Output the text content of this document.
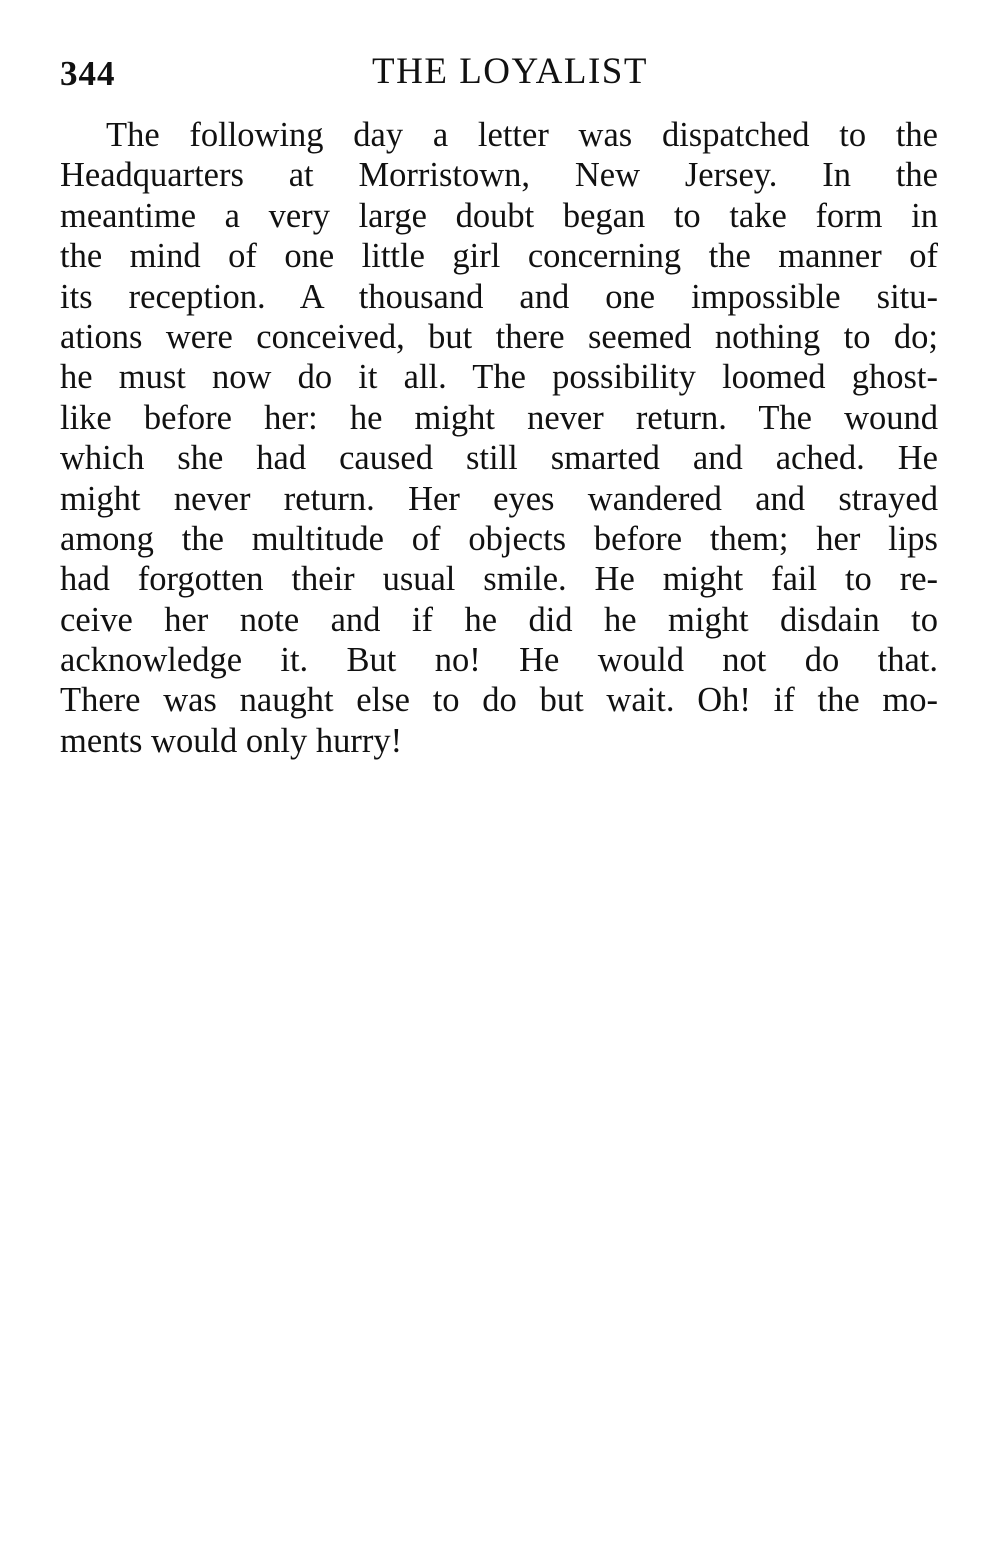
344	THE LOYALIST
The following day a letter was dispatched to the
Headquarters at Morristown, New Jersey. In the
meantime a very large doubt began to take form in
the mind of one little girl concerning the manner of
its reception. A thousand and one impossible situ-
ations were conceived, but there seemed nothing to do;
he must now do it all. The possibility loomed ghost-
like before her: he might never return. The wound
which she had caused still smarted and ached. He
might never return. Her eyes wandered and strayed
among the multitude of objects before them; her lips
had forgotten their usual smile. He might fail to re-
ceive her note and if he did he might disdain to
acknowledge it. But no! He would not do that.
There was naught else to do but wait. Oh! if the mo-
ments would only hurry!
